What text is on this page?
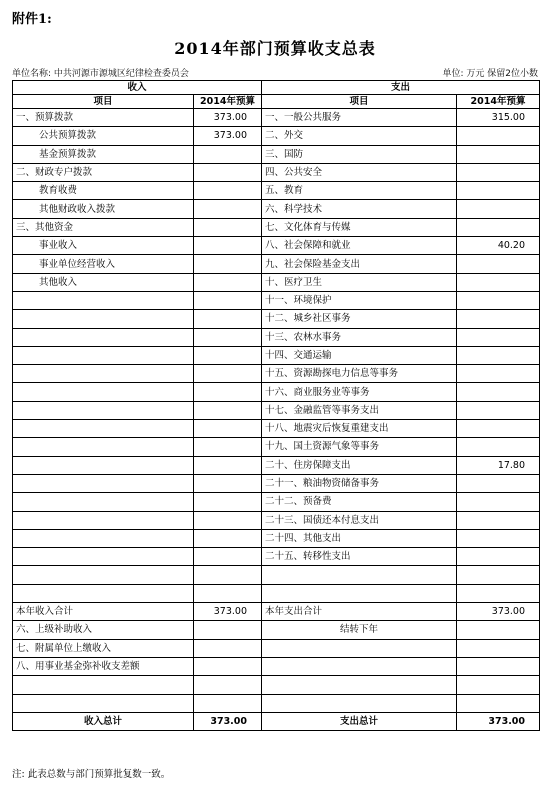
附件1:
2014年部门预算收支总表
单位名称: 中共河源市源城区纪律检查委员会	单位: 万元 保留2位小数
收入		支出	
项目	2014年预算	项目	2014年预算
一、预算拨款	373.00	一、一般公共服务	315.00
公共预算拨款	373.00	二、外交	
基金预算拨款		三、国防	
二、财政专户拨款		四、公共安全	
教育收费		五、教育	
其他财政收入拨款		六、科学技术	
三、其他资金		七、文化体育与传媒	
事业收入		八、社会保障和就业	40.20
事业单位经营收入		九、社会保险基金支出	
其他收入		十、医疗卫生	
		十一、环境保护	
		十二、城乡社区事务	
		十三、农林水事务	
		十四、交通运输	
		十五、资源勘探电力信息等事务	
		十六、商业服务业等事务	
		十七、金融监管等事务支出	
		十八、地震灾后恢复重建支出	
		十九、国土资源气象等事务	
		二十、住房保障支出	17.80
		二十一、粮油物资储备事务	
		二十二、预备费	
		二十三、国债还本付息支出	
		二十四、其他支出	
		二十五、转移性支出	

本年收入合计	373.00	本年支出合计	373.00
六、上级补助收入		结转下年	
七、附属单位上缴收入			
八、用事业基金弥补收支差额			

收入总计	373.00	支出总计	373.00
注: 此表总数与部门预算批复数一致。
